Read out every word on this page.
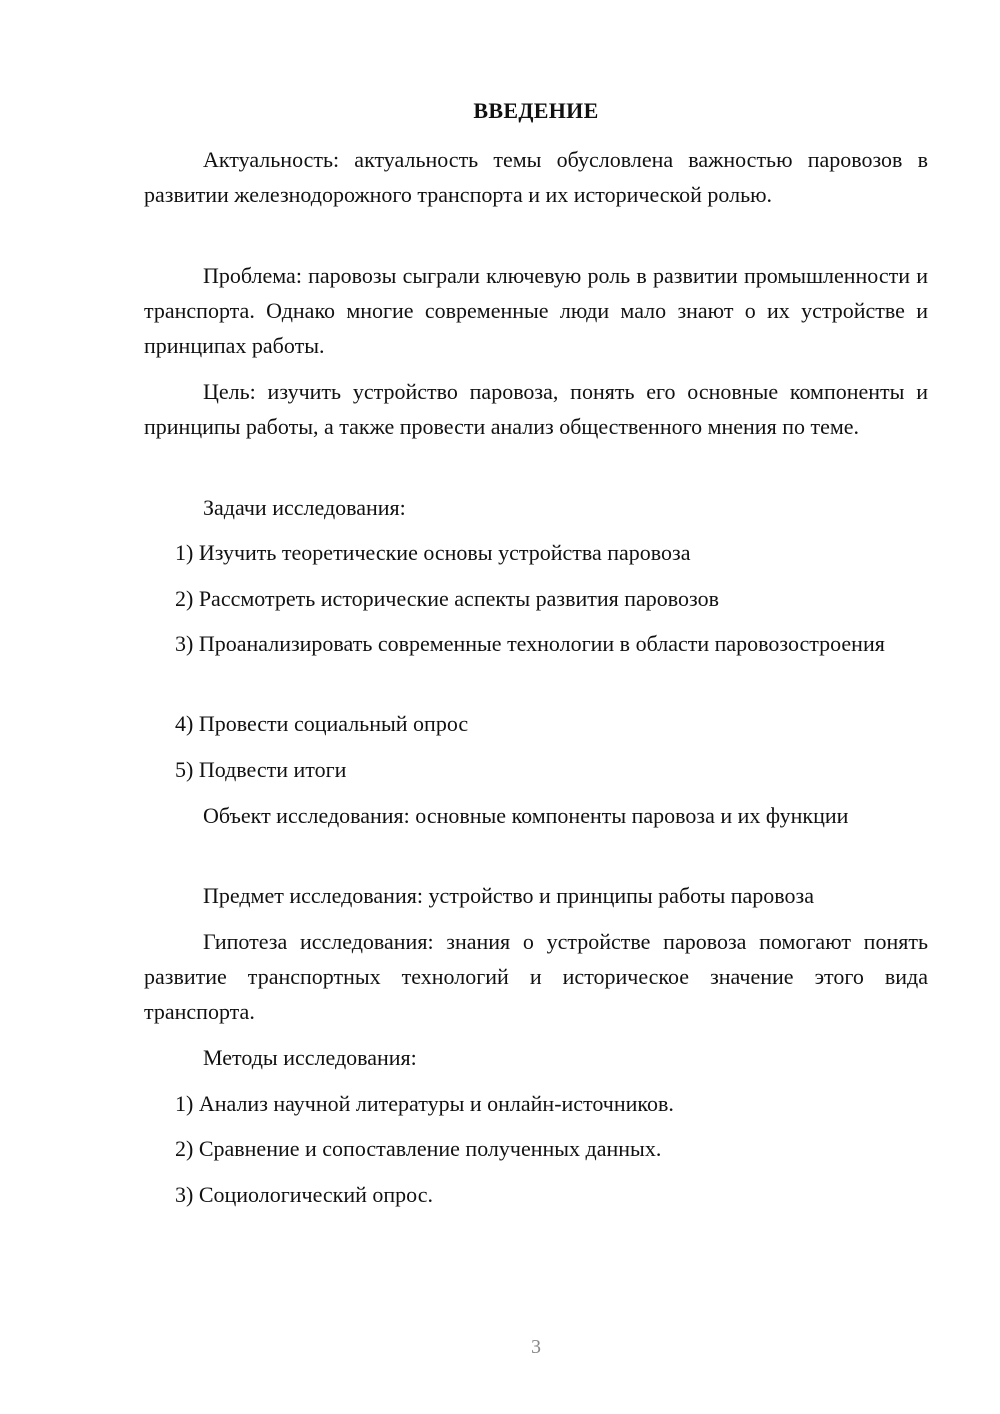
ВВЕДЕНИЕ

Актуальность: актуальность темы обусловлена важностью паровозов в развитии железнодорожного транспорта и их исторической ролью.

Проблема: паровозы сыграли ключевую роль в развитии промышленности и транспорта. Однако многие современные люди мало знают о их устройстве и принципах работы.

Цель: изучить устройство паровоза, понять его основные компоненты и принципы работы, а также провести анализ общественного мнения по теме.

Задачи исследования:

1) Изучить теоретические основы устройства паровоза

2) Рассмотреть исторические аспекты развития паровозов

3) Проанализировать современные технологии в области паровозостроения

4) Провести социальный опрос

5) Подвести итоги

Объект исследования: основные компоненты паровоза и их функции

Предмет исследования: устройство и принципы работы паровоза

Гипотеза исследования: знания о устройстве паровоза помогают понять развитие транспортных технологий и историческое значение этого вида транспорта.

Методы исследования:

1) Анализ научной литературы и онлайн-источников.

2) Сравнение и сопоставление полученных данных.

3) Социологический опрос.

3
